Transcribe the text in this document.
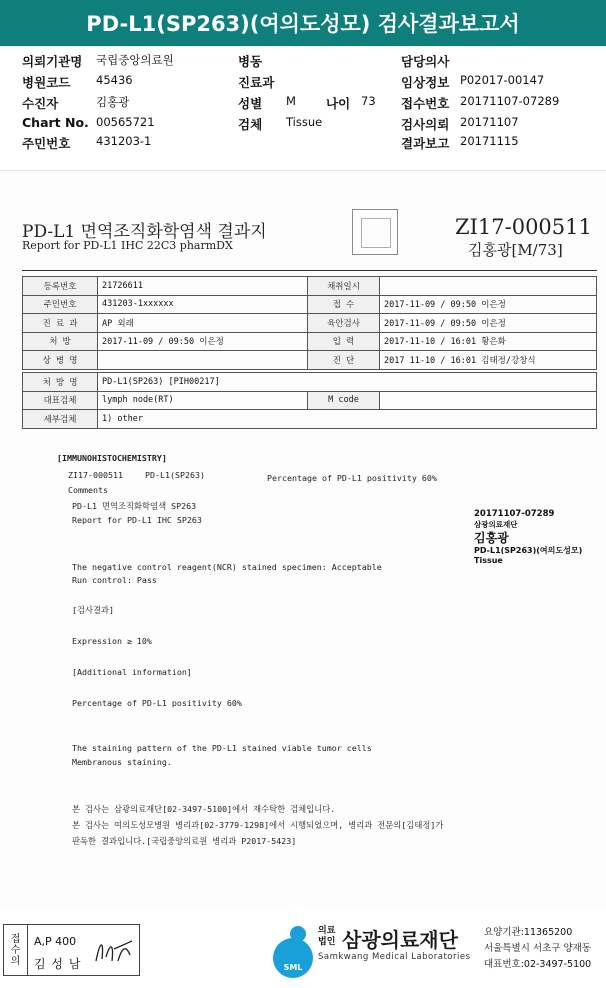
PD-L1(SP263)(여의도성모) 검사결과보고서
의뢰기관명 국립중앙의료원	병동	담당의사
병원코드 45436	진료과	임상정보 P02017-00147
수진자	김홍광	성별 M 나이 73 접수번호 20171107-07289
Chart No. 00565721	검체 Tissue	검사의뢰 20171107
주민번호 431203-1	결과보고 20171115
PD-L1 면역조직화학염색 결과지
Report for PD-L1 IHC 22C3 pharmDX
ZI17-000511
김홍광[M/73]
등록번호	21726611	채취일시	
주민번호	431203-1xxxxxx	접 수	2017-11-09 / 09:50 이은정
진 료 과	AP 외래	육안검사	2017-11-09 / 09:50 이은정
처 방	2017-11-09 / 09:50 이은정	입 력	2017-11-10 / 16:01 황은화
상 병 명		진 단	2017 11-10 / 16:01 김태정/강창식
처 방 명	PD-L1(SP263) [PIH00217]		
대표검체	lymph node(RT)	M code	
세부검체	1) other		
[IMMUNOHISTOCHEMISTRY]
ZI17-000511	PD-L1(SP263)	Percentage of PD-L1 positivity 60%
Comments
PD-L1 면역조직화학염색 SP263
Report for PD-L1 IHC SP263
20171107-07289
삼광의료재단
김홍광
PD-L1(SP263)(여의도성모)
Tissue
The negative control reagent(NCR) stained specimen: Acceptable
Run control: Pass
[검사결과]
Expression ≥ 10%
[Additional information]
Percentage of PD-L1 positivity 60%
The staining pattern of the PD-L1 stained viable tumor cells
Membranous staining.
본 검사는 삼광의료재단[02-3497-5100]에서 재수탁한 검체입니다.
본 검사는 여의도성모병원 병리과[02-3779-1298]에서 시행되었으며, 병리과 전문의[김태정]가
판독한 결과입니다.[국립중앙의료원 병리과 P2017-5423]
접
수
의
A,P 400
김 성 남	SML
의료
법인 삼광의료재단
Samkwang Medical Laboratories
요양기관:11365200
서울특별시 서초구 양재동
대표번호:02-3497-5100
